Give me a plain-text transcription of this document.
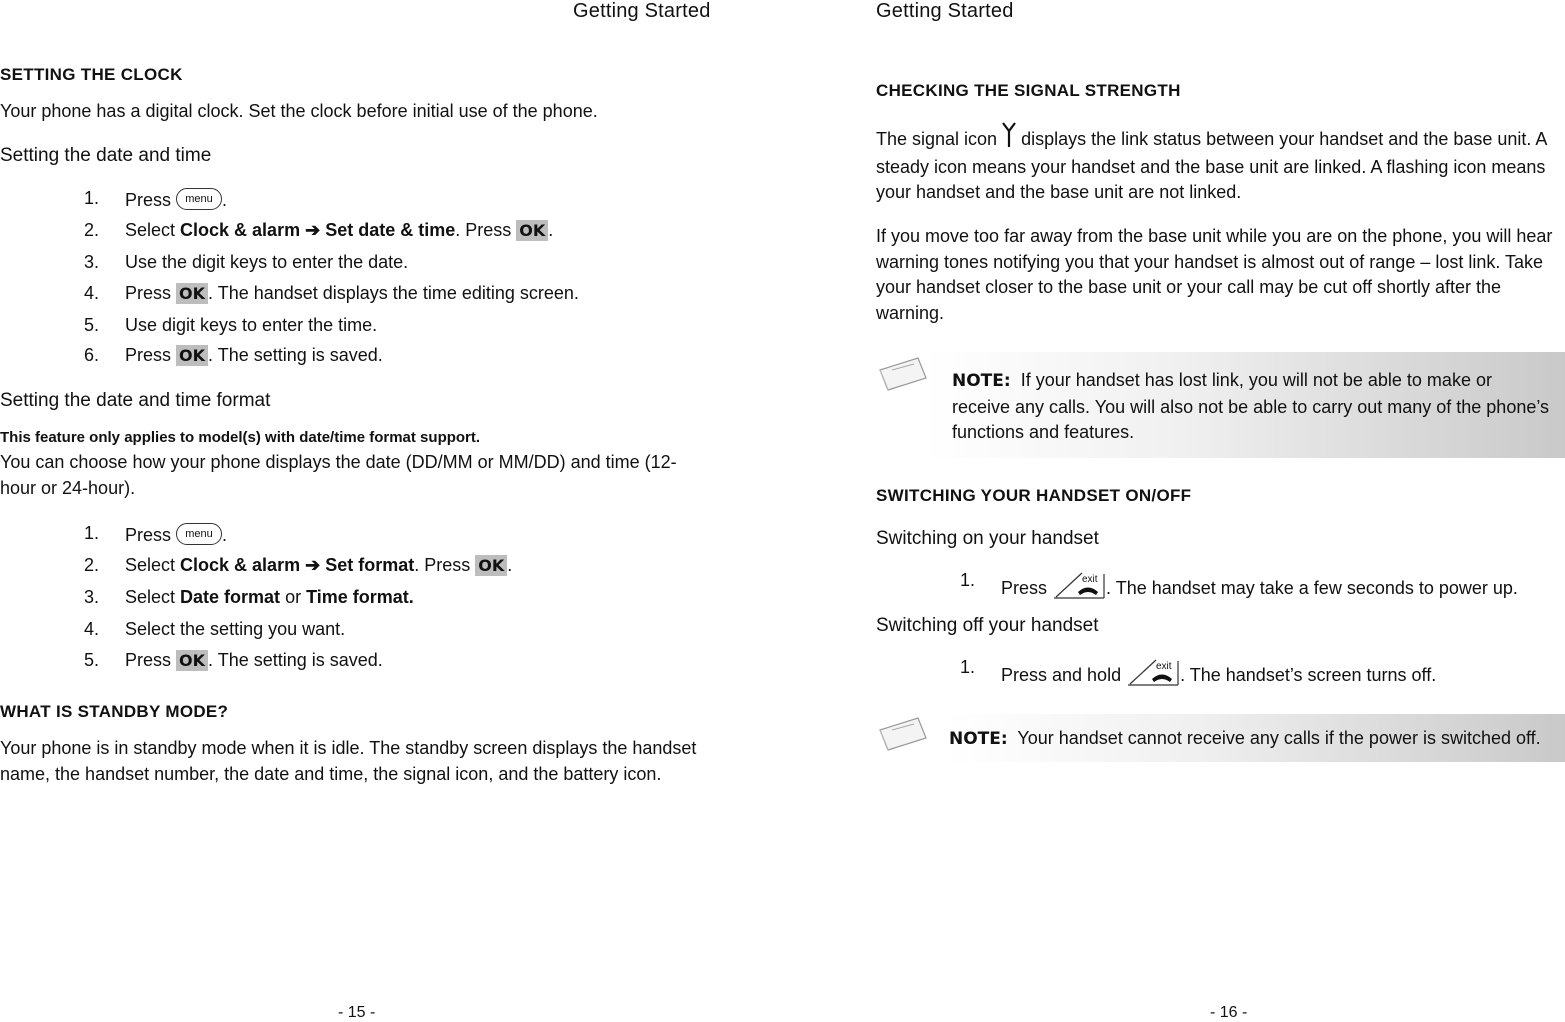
Getting Started
SETTING THE CLOCK
Your phone has a digital clock. Set the clock before initial use of the phone.
Setting the date and time
1. Press menu .
2. Select Clock & alarm ➔ Set date & time. Press OK .
3. Use the digit keys to enter the date.
4. Press OK . The handset displays the time editing screen.
5. Use digit keys to enter the time.
6. Press OK . The setting is saved.
Setting the date and time format
This feature only applies to model(s) with date/time format support.
You can choose how your phone displays the date (DD/MM or MM/DD) and time (12-hour or 24-hour).
1. Press menu .
2. Select Clock & alarm ➔ Set format. Press OK .
3. Select Date format or Time format.
4. Select the setting you want.
5. Press OK . The setting is saved.
WHAT IS STANDBY MODE?
Your phone is in standby mode when it is idle. The standby screen displays the handset name, the handset number, the date and time, the signal icon, and the battery icon.
- 15 -
Getting Started
CHECKING THE SIGNAL STRENGTH
The signal icon  displays the link status between your handset and the base unit. A steady icon means your handset and the base unit are linked. A flashing icon means your handset and the base unit are not linked.
If you move too far away from the base unit while you are on the phone, you will hear warning tones notifying you that your handset is almost out of range – lost link. Take your handset closer to the base unit or your call may be cut off shortly after the warning.
NOTE: If your handset has lost link, you will not be able to make or receive any calls. You will also not be able to carry out many of the phone’s functions and features.
SWITCHING YOUR HANDSET ON/OFF
Switching on your handset
1. Press	exit . The handset may take a few seconds to power up.
Switching off your handset
1. Press and hold	exit . The handset’s screen turns off.
NOTE: Your handset cannot receive any calls if the power is switched off.
- 16 -
